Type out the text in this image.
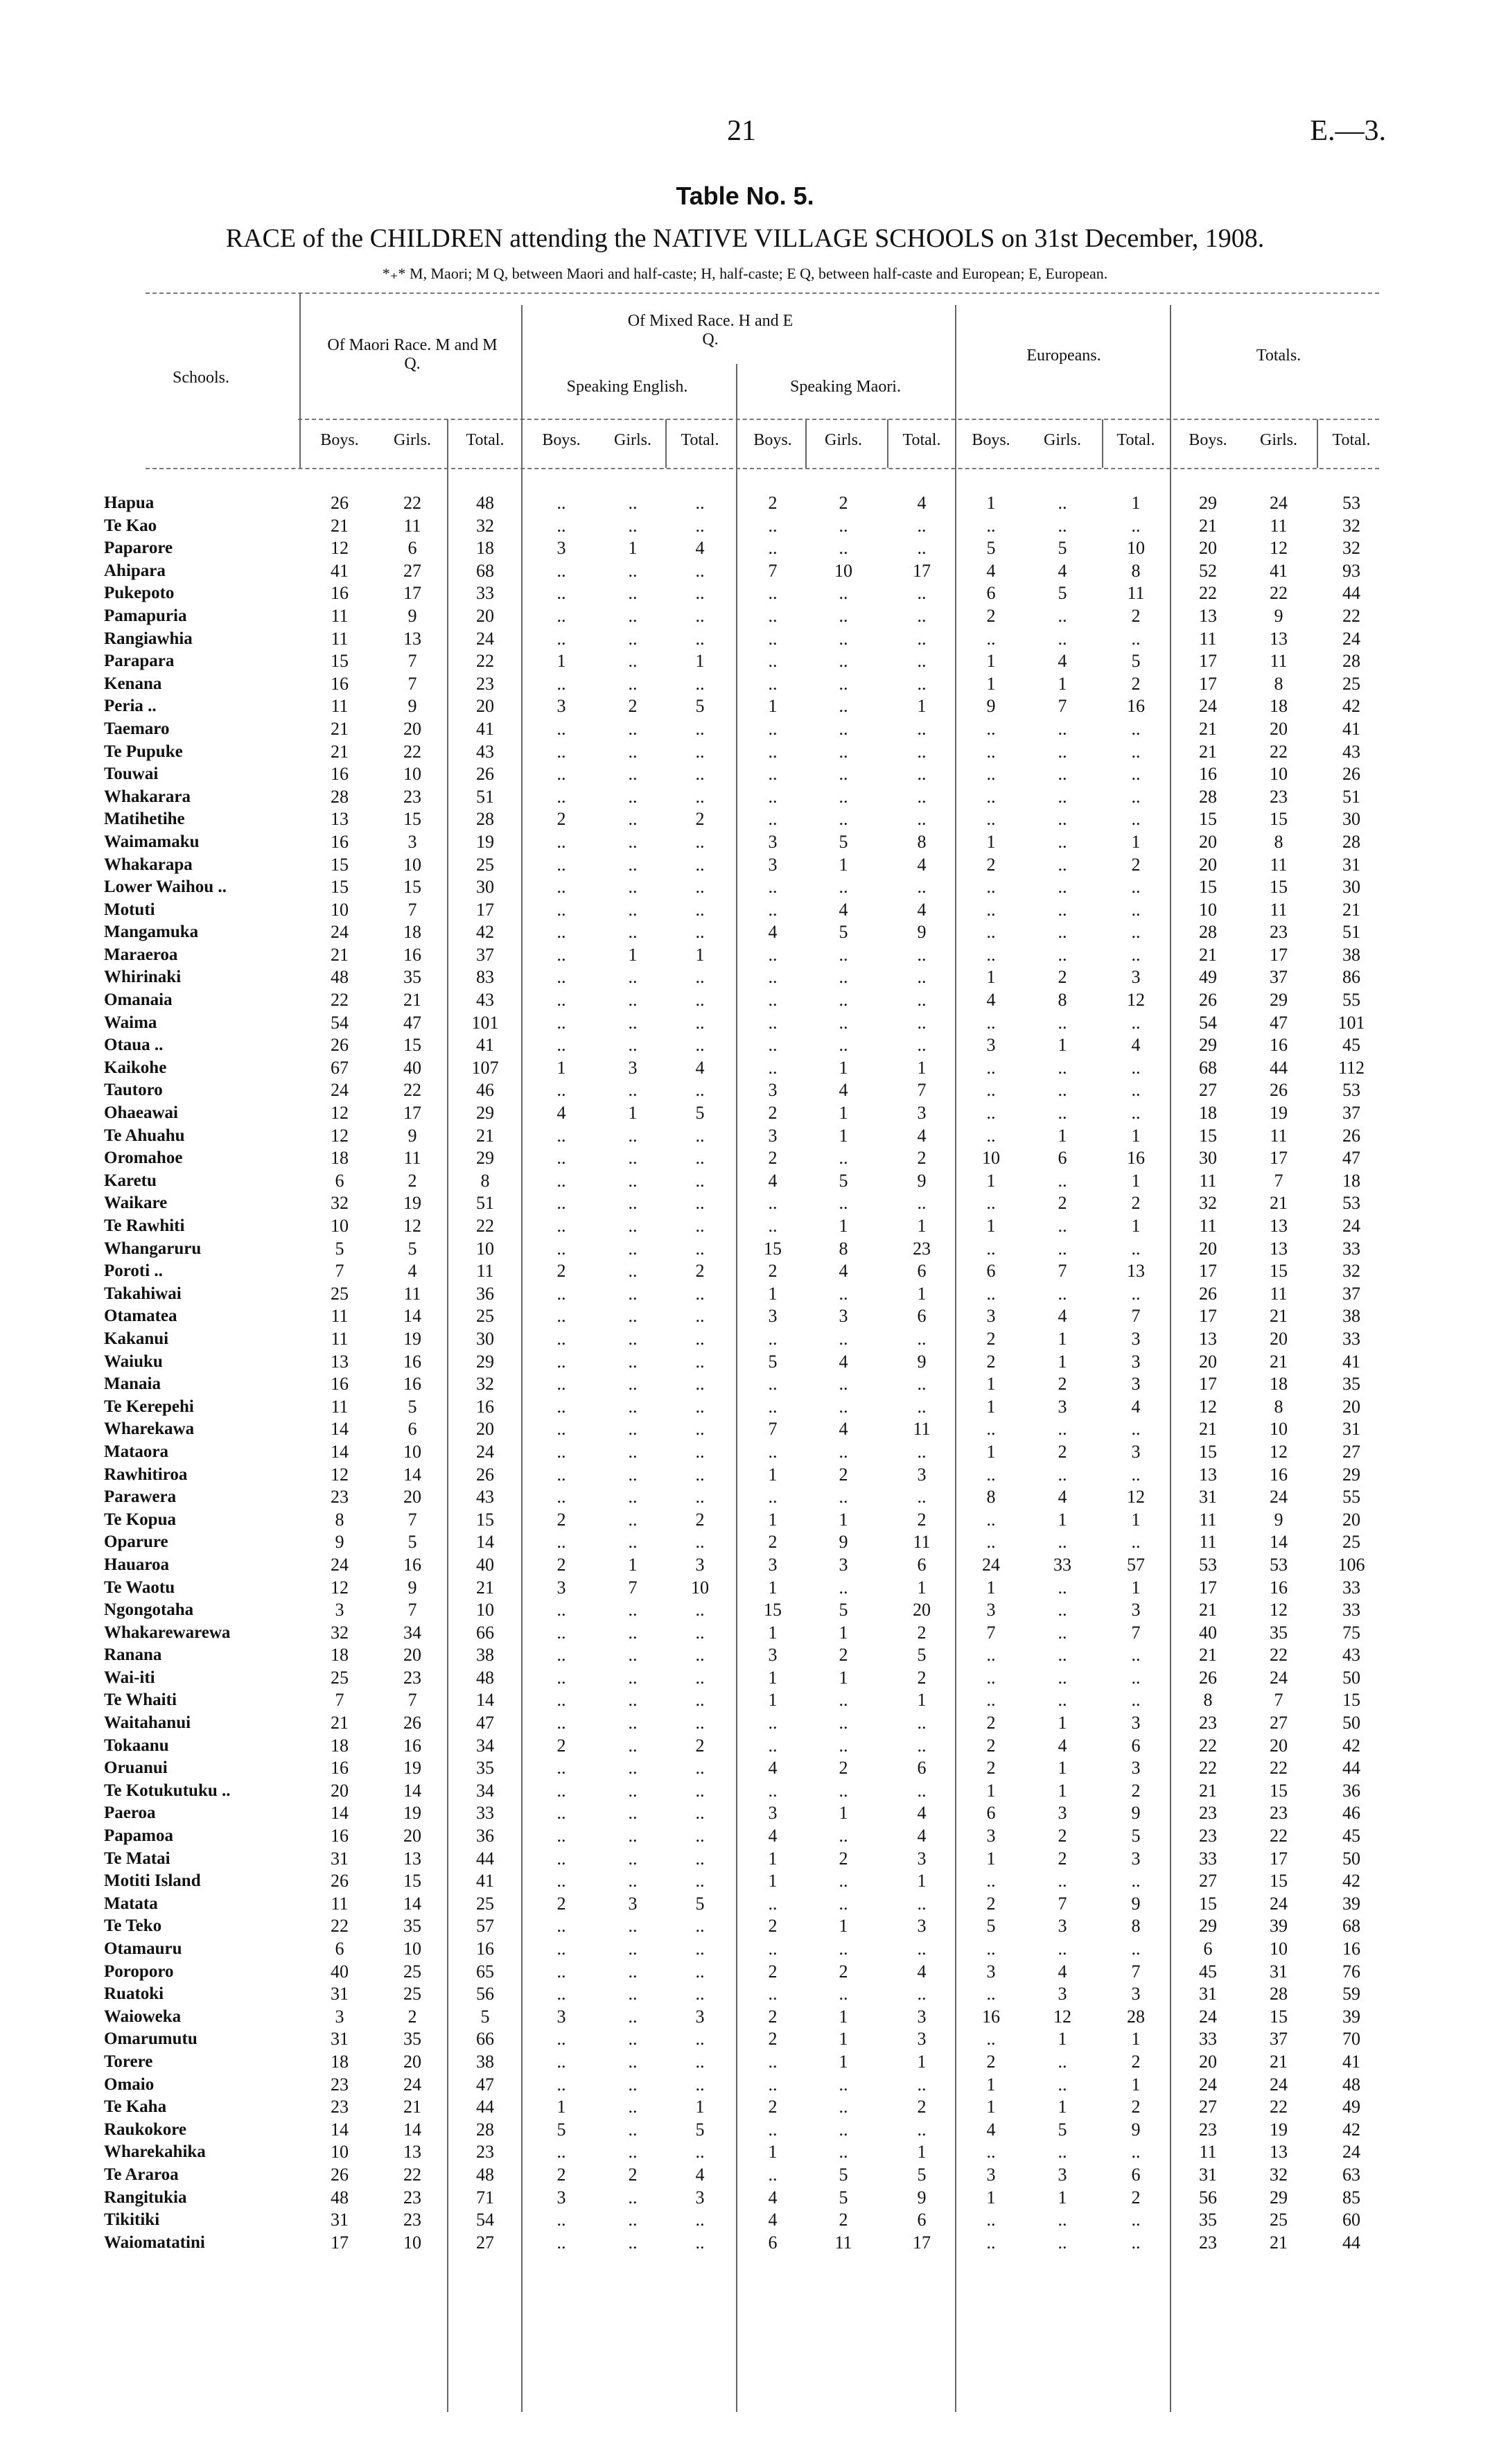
21	E.—3.
Table No. 5.
RACE of the CHILDREN attending the NATIVE VILLAGE SCHOOLS on 31st December, 1908.
*₊* M, Maori; M Q, between Maori and half-caste; H, half-caste; E Q, between half-caste and European; E, European.
Schools.
Of Maori Race. M and M Q.
Of Mixed Race. H and E Q.
Speaking English.	Speaking Maori.
Europeans.	Totals.
Boys.	Girls.	Total.	Boys.	Girls.	Total.	Boys.	Girls.	Total.	Boys.	Girls.	Total.	Boys.	Girls.	Total.
Hapua	26	22	48	..	..	..	2	2	4	1	..	1	29	24	53
Te Kao	21	11	32	..	..	..	..	..	..	..	..	..	21	11	32
Paparore	12	6	18	3	1	4	..	..	..	5	5	10	20	12	32
Ahipara	41	27	68	..	..	..	7	10	17	4	4	8	52	41	93
Pukepoto	16	17	33	..	..	..	..	..	..	6	5	11	22	22	44
Pamapuria	11	9	20	..	..	..	..	..	..	2	..	2	13	9	22
Rangiawhia	11	13	24	..	..	..	..	..	..	..	..	..	11	13	24
Parapara	15	7	22	1	..	1	..	..	..	1	4	5	17	11	28
Kenana	16	7	23	..	..	..	..	..	..	1	1	2	17	8	25
Peria ..	11	9	20	3	2	5	1	..	1	9	7	16	24	18	42
Taemaro	21	20	41	..	..	..	..	..	..	..	..	..	21	20	41
Te Pupuke	21	22	43	..	..	..	..	..	..	..	..	..	21	22	43
Touwai	16	10	26	..	..	..	..	..	..	..	..	..	16	10	26
Whakarara	28	23	51	..	..	..	..	..	..	..	..	..	28	23	51
Matihetihe	13	15	28	2	..	2	..	..	..	..	..	..	15	15	30
Waimamaku	16	3	19	..	..	..	3	5	8	1	..	1	20	8	28
Whakarapa	15	10	25	..	..	..	3	1	4	2	..	2	20	11	31
Lower Waihou ..	15	15	30	..	..	..	..	..	..	..	..	..	15	15	30
Motuti	10	7	17	..	..	..	..	4	4	..	..	..	10	11	21
Mangamuka	24	18	42	..	..	..	4	5	9	..	..	..	28	23	51
Maraeroa	21	16	37	..	1	1	..	..	..	..	..	..	21	17	38
Whirinaki	48	35	83	..	..	..	..	..	..	1	2	3	49	37	86
Omanaia	22	21	43	..	..	..	..	..	..	4	8	12	26	29	55
Waima	54	47	101	..	..	..	..	..	..	..	..	..	54	47	101
Otaua ..	26	15	41	..	..	..	..	..	..	3	1	4	29	16	45
Kaikohe	67	40	107	1	3	4	..	1	1	..	..	..	68	44	112
Tautoro	24	22	46	..	..	..	3	4	7	..	..	..	27	26	53
Ohaeawai	12	17	29	4	1	5	2	1	3	..	..	..	18	19	37
Te Ahuahu	12	9	21	..	..	..	3	1	4	..	1	1	15	11	26
Oromahoe	18	11	29	..	..	..	2	..	2	10	6	16	30	17	47
Karetu	6	2	8	..	..	..	4	5	9	1	..	1	11	7	18
Waikare	32	19	51	..	..	..	..	..	..	..	2	2	32	21	53
Te Rawhiti	10	12	22	..	..	..	..	1	1	1	..	1	11	13	24
Whangaruru	5	5	10	..	..	..	15	8	23	..	..	..	20	13	33
Poroti ..	7	4	11	2	..	2	2	4	6	6	7	13	17	15	32
Takahiwai	25	11	36	..	..	..	1	..	1	..	..	..	26	11	37
Otamatea	11	14	25	..	..	..	3	3	6	3	4	7	17	21	38
Kakanui	11	19	30	..	..	..	..	..	..	2	1	3	13	20	33
Waiuku	13	16	29	..	..	..	5	4	9	2	1	3	20	21	41
Manaia	16	16	32	..	..	..	..	..	..	1	2	3	17	18	35
Te Kerepehi	11	5	16	..	..	..	..	..	..	1	3	4	12	8	20
Wharekawa	14	6	20	..	..	..	7	4	11	..	..	..	21	10	31
Mataora	14	10	24	..	..	..	..	..	..	1	2	3	15	12	27
Rawhitiroa	12	14	26	..	..	..	1	2	3	..	..	..	13	16	29
Parawera	23	20	43	..	..	..	..	..	..	8	4	12	31	24	55
Te Kopua	8	7	15	2	..	2	1	1	2	..	1	1	11	9	20
Oparure	9	5	14	..	..	..	2	9	11	..	..	..	11	14	25
Hauaroa	24	16	40	2	1	3	3	3	6	24	33	57	53	53	106
Te Waotu	12	9	21	3	7	10	1	..	1	1	..	1	17	16	33
Ngongotaha	3	7	10	..	..	..	15	5	20	3	..	3	21	12	33
Whakarewarewa	32	34	66	..	..	..	1	1	2	7	..	7	40	35	75
Ranana	18	20	38	..	..	..	3	2	5	..	..	..	21	22	43
Wai-iti	25	23	48	..	..	..	1	1	2	..	..	..	26	24	50
Te Whaiti	7	7	14	..	..	..	1	..	1	..	..	..	8	7	15
Waitahanui	21	26	47	..	..	..	..	..	..	2	1	3	23	27	50
Tokaanu	18	16	34	2	..	2	..	..	..	2	4	6	22	20	42
Oruanui	16	19	35	..	..	..	4	2	6	2	1	3	22	22	44
Te Kotukutuku ..	20	14	34	..	..	..	..	..	..	1	1	2	21	15	36
Paeroa	14	19	33	..	..	..	3	1	4	6	3	9	23	23	46
Papamoa	16	20	36	..	..	..	4	..	4	3	2	5	23	22	45
Te Matai	31	13	44	..	..	..	1	2	3	1	2	3	33	17	50
Motiti Island	26	15	41	..	..	..	1	..	1	..	..	..	27	15	42
Matata	11	14	25	2	3	5	..	..	..	2	7	9	15	24	39
Te Teko	22	35	57	..	..	..	2	1	3	5	3	8	29	39	68
Otamauru	6	10	16	..	..	..	..	..	..	..	..	..	6	10	16
Poroporo	40	25	65	..	..	..	2	2	4	3	4	7	45	31	76
Ruatoki	31	25	56	..	..	..	..	..	..	..	3	3	31	28	59
Waioweka	3	2	5	3	..	3	2	1	3	16	12	28	24	15	39
Omarumutu	31	35	66	..	..	..	2	1	3	..	1	1	33	37	70
Torere	18	20	38	..	..	..	..	1	1	2	..	2	20	21	41
Omaio	23	24	47	..	..	..	..	..	..	1	..	1	24	24	48
Te Kaha	23	21	44	1	..	1	2	..	2	1	1	2	27	22	49
Raukokore	14	14	28	5	..	5	..	..	..	4	5	9	23	19	42
Wharekahika	10	13	23	..	..	..	1	..	1	..	..	..	11	13	24
Te Araroa	26	22	48	2	2	4	..	5	5	3	3	6	31	32	63
Rangitukia	48	23	71	3	..	3	4	5	9	1	1	2	56	29	85
Tikitiki	31	23	54	..	..	..	4	2	6	..	..	..	35	25	60
Waiomatatini	17	10	27	..	..	..	6	11	17	..	..	..	23	21	44
